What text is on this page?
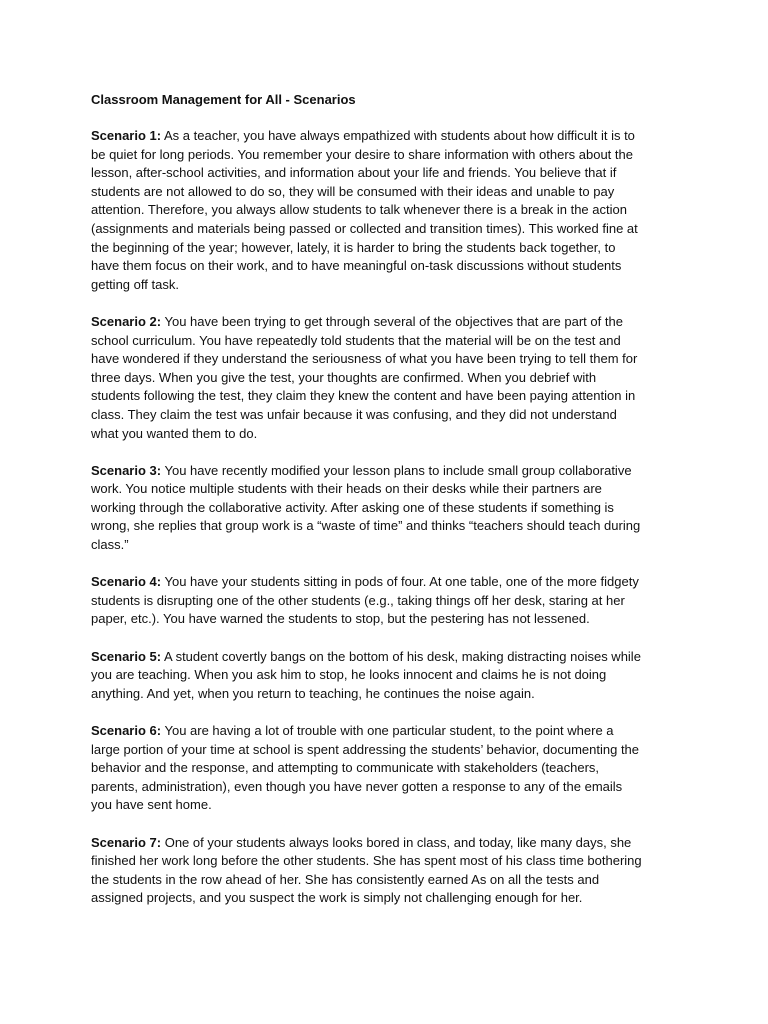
Classroom Management for All - Scenarios

Scenario 1: As a teacher, you have always empathized with students about how difficult it is to
be quiet for long periods. You remember your desire to share information with others about the
lesson, after-school activities, and information about your life and friends. You believe that if
students are not allowed to do so, they will be consumed with their ideas and unable to pay
attention. Therefore, you always allow students to talk whenever there is a break in the action
(assignments and materials being passed or collected and transition times). This worked fine at
the beginning of the year; however, lately, it is harder to bring the students back together, to
have them focus on their work, and to have meaningful on-task discussions without students
getting off task.

Scenario 2: You have been trying to get through several of the objectives that are part of the
school curriculum. You have repeatedly told students that the material will be on the test and
have wondered if they understand the seriousness of what you have been trying to tell them for
three days. When you give the test, your thoughts are confirmed. When you debrief with
students following the test, they claim they knew the content and have been paying attention in
class. They claim the test was unfair because it was confusing, and they did not understand
what you wanted them to do.

Scenario 3: You have recently modified your lesson plans to include small group collaborative
work. You notice multiple students with their heads on their desks while their partners are
working through the collaborative activity. After asking one of these students if something is
wrong, she replies that group work is a “waste of time” and thinks “teachers should teach during
class.”

Scenario 4: You have your students sitting in pods of four. At one table, one of the more fidgety
students is disrupting one of the other students (e.g., taking things off her desk, staring at her
paper, etc.). You have warned the students to stop, but the pestering has not lessened.

Scenario 5: A student covertly bangs on the bottom of his desk, making distracting noises while
you are teaching. When you ask him to stop, he looks innocent and claims he is not doing
anything. And yet, when you return to teaching, he continues the noise again.

Scenario 6: You are having a lot of trouble with one particular student, to the point where a
large portion of your time at school is spent addressing the students’ behavior, documenting the
behavior and the response, and attempting to communicate with stakeholders (teachers,
parents, administration), even though you have never gotten a response to any of the emails
you have sent home.

Scenario 7: One of your students always looks bored in class, and today, like many days, she
finished her work long before the other students. She has spent most of his class time bothering
the students in the row ahead of her. She has consistently earned As on all the tests and
assigned projects, and you suspect the work is simply not challenging enough for her.
